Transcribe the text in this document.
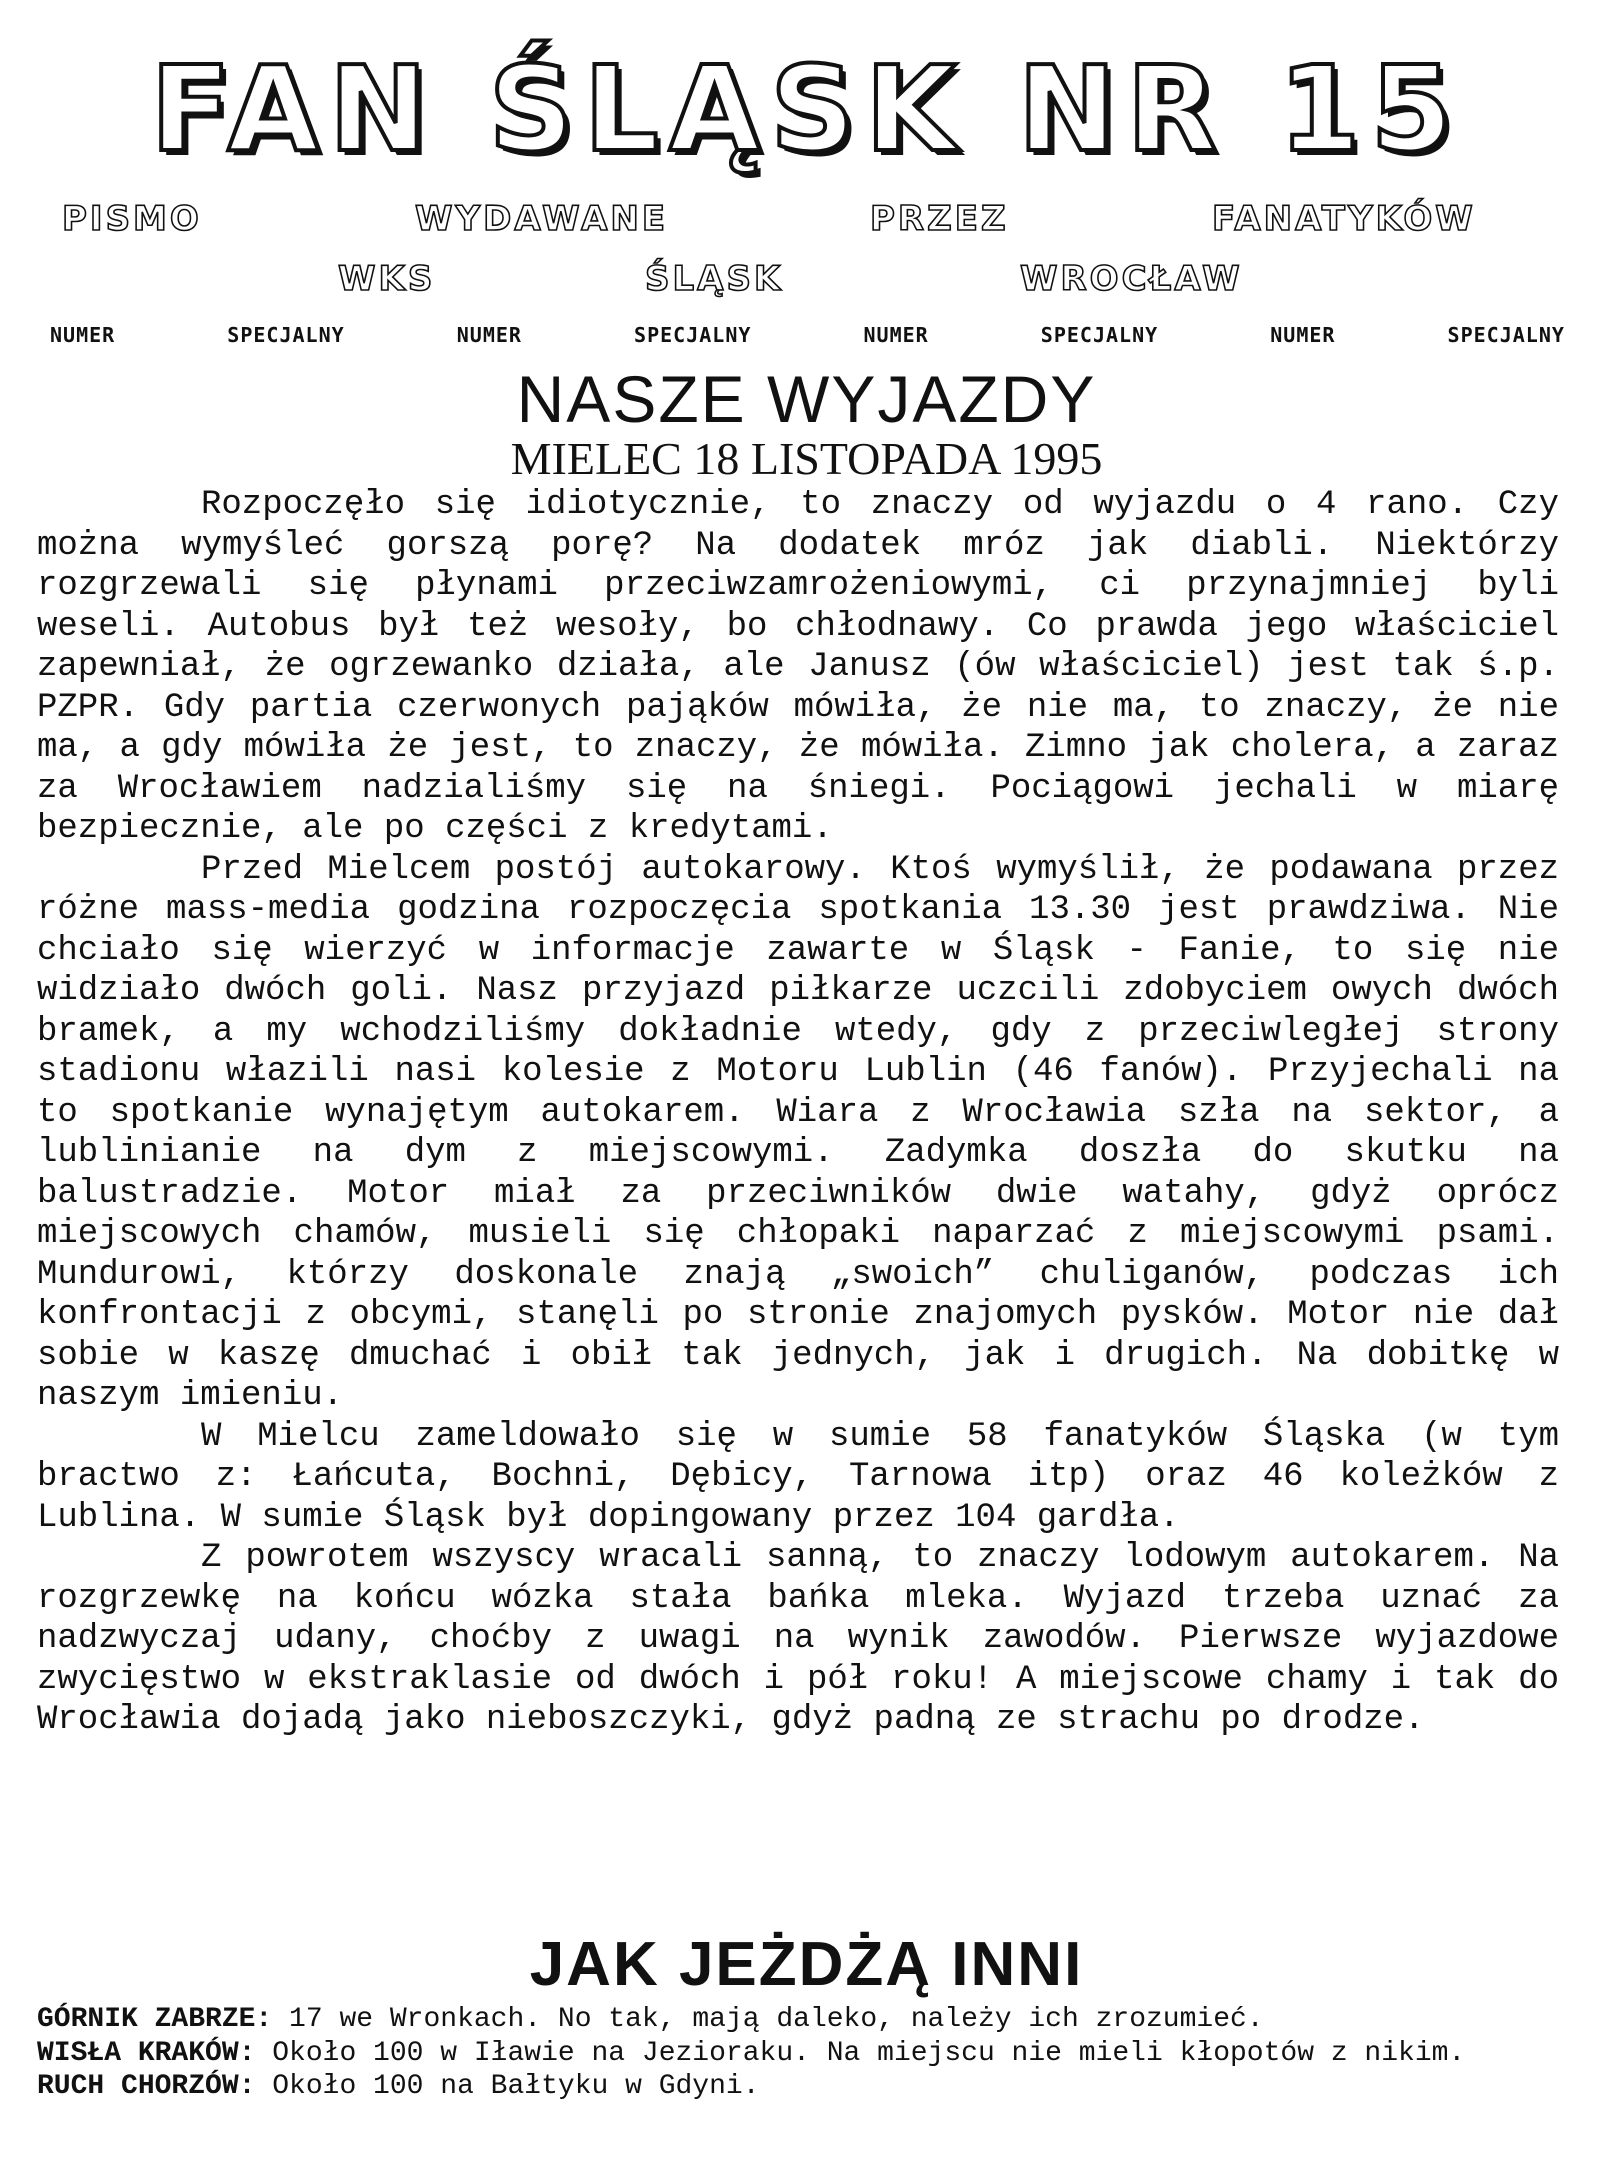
FAN ŚLĄSK NR 15
PISMO	WYDAWANE	PRZEZ	FANATYKÓW
WKS	ŚLĄSK	WROCŁAW
NUMER	SPECJALNY	NUMER	SPECJALNY	NUMER	SPECJALNY	NUMER	SPECJALNY
NASZE WYJAZDY
MIELEC 18 LISTOPADA 1995

Rozpoczęło się idiotycznie, to znaczy od wyjazdu o 4 rano. Czy można wymyśleć gorszą porę? Na dodatek mróz jak diabli. Niektórzy rozgrzewali się płynami przeciwzamrożeniowymi, ci przynajmniej byli weseli. Autobus był też wesoły, bo chłodnawy. Co prawda jego właściciel zapewniał, że ogrzewanko działa, ale Janusz (ów właściciel) jest tak ś.p. PZPR. Gdy partia czerwonych pająków mówiła, że nie ma, to znaczy, że nie ma, a gdy mówiła że jest, to znaczy, że mówiła. Zimno jak cholera, a zaraz za Wrocławiem nadzialiśmy się na śniegi. Pociągowi jechali w miarę bezpiecznie, ale po części z kredytami.

Przed Mielcem postój autokarowy. Ktoś wymyślił, że podawana przez różne mass-media godzina rozpoczęcia spotkania 13.30 jest prawdziwa. Nie chciało się wierzyć w informacje zawarte w Śląsk - Fanie, to się nie widziało dwóch goli. Nasz przyjazd piłkarze uczcili zdobyciem owych dwóch bramek, a my wchodziliśmy dokładnie wtedy, gdy z przeciwległej strony stadionu włazili nasi kolesie z Motoru Lublin (46 fanów). Przyjechali na to spotkanie wynajętym autokarem. Wiara z Wrocławia szła na sektor, a lublinianie na dym z miejscowymi. Zadymka doszła do skutku na balustradzie. Motor miał za przeciwników dwie watahy, gdyż oprócz miejscowych chamów, musieli się chłopaki naparzać z miejscowymi psami. Mundurowi, którzy doskonale znają „swoich” chuliganów, podczas ich konfrontacji z obcymi, stanęli po stronie znajomych pysków. Motor nie dał sobie w kaszę dmuchać i obił tak jednych, jak i drugich. Na dobitkę w naszym imieniu.

W Mielcu zameldowało się w sumie 58 fanatyków Śląska (w tym bractwo z: Łańcuta, Bochni, Dębicy, Tarnowa itp) oraz 46 koleżków z Lublina. W sumie Śląsk był dopingowany przez 104 gardła.

Z powrotem wszyscy wracali sanną, to znaczy lodowym autokarem. Na rozgrzewkę na końcu wózka stała bańka mleka. Wyjazd trzeba uznać za nadzwyczaj udany, choćby z uwagi na wynik zawodów. Pierwsze wyjazdowe zwycięstwo w ekstraklasie od dwóch i pół roku! A miejscowe chamy i tak do Wrocławia dojadą jako nieboszczyki, gdyż padną ze strachu po drodze.

JAK JEŻDŻĄ INNI

GÓRNIK ZABRZE: 17 we Wronkach. No tak, mają daleko, należy ich zrozumieć.

WISŁA KRAKÓW: Około 100 w Iławie na Jezioraku. Na miejscu nie mieli kłopotów z nikim.

RUCH CHORZÓW: Około 100 na Bałtyku w Gdyni.
